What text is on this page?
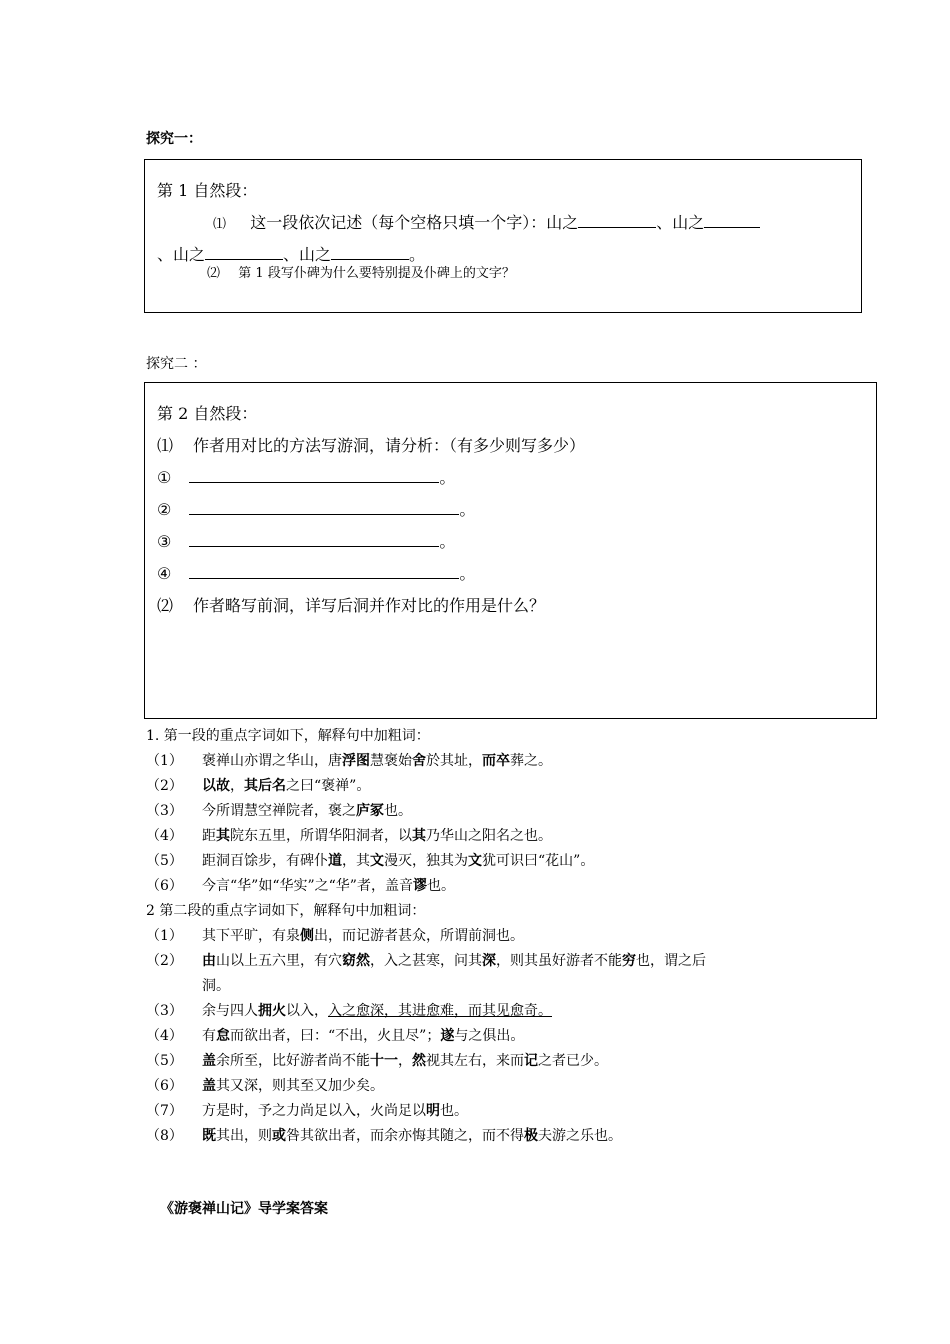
探究一：
第 1 自然段：
⑴ 这一段依次记述（每个空格只填一个字）：山之	、山之
、山之	、山之	。
⑵ 第 1 段写仆碑为什么要特别提及仆碑上的文字？
探究二 ：
第 2 自然段：
⑴ 作者用对比的方法写游洞，请分析：（有多少则写多少）
①	。
②	。
③	。
④	。
⑵ 作者略写前洞，详写后洞并作对比的作用是什么？
1. 第一段的重点字词如下，解释句中加粗词：
（1） 褒禅山亦谓之华山，唐浮图慧褒始舍於其址，而卒葬之。
（2） 以故，其后名之曰“褒禅”。
（3） 今所谓慧空禅院者，褒之庐冢也。
（4） 距其院东五里，所谓华阳洞者，以其乃华山之阳名之也。
（5） 距洞百馀步，有碑仆道，其文漫灭，独其为文犹可识曰“花山”。
（6） 今言“华”如“华实”之“华”者，盖音谬也。
2 第二段的重点字词如下，解释句中加粗词：
（1） 其下平旷，有泉侧出，而记游者甚众，所谓前洞也。
（2） 由山以上五六里，有穴窈然，入之甚寒，问其深，则其虽好游者不能穷也，谓之后
洞。
（3） 余与四人拥火以入，入之愈深，其进愈难，而其见愈奇。
（4） 有怠而欲出者，曰：“不出，火且尽”；遂与之俱出。
（5） 盖余所至，比好游者尚不能十一，然视其左右，来而记之者已少。
（6） 盖其又深，则其至又加少矣。
（7） 方是时，予之力尚足以入，火尚足以明也。
（8） 既其出，则或咎其欲出者，而余亦悔其随之，而不得极夫游之乐也。
《游褒禅山记》导学案答案
